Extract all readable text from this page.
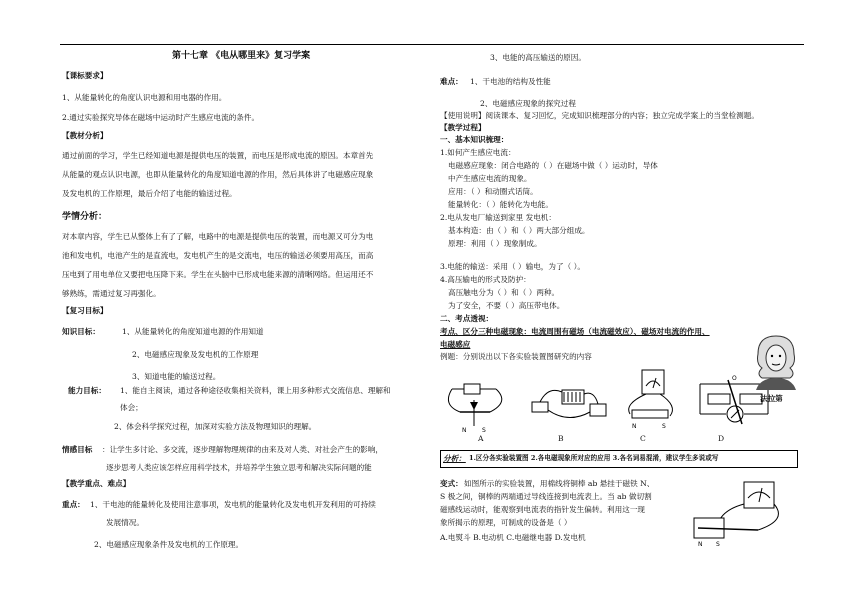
第十七章 《电从哪里来》复习学案
【课标要求】
1、从能量转化的角度认识电源和用电器的作用。
2.通过实验探究导体在磁场中运动时产生感应电流的条件。
【教材分析】
通过前面的学习，学生已经知道电源是提供电压的装置，而电压是形成电流的原因。本章首先
从能量的观点认识电源，也即从能量转化的角度知道电源的作用，然后具体讲了电磁感应现象
及发电机的工作原理，最后介绍了电能的输送过程。
学情分析：
对本章内容，学生已从整体上有了了解，电路中的电源是提供电压的装置，而电源又可分为电
池和发电机，电池产生的是直流电，发电机产生的是交流电，电压的输送必须要用高压，而高
压电到了用电单位又要把电压降下来。学生在头脑中已形成电能来源的清晰网络。但运用还不
够熟练，需通过复习再强化。
【复习目标】
知识目标：	1、从能量转化的角度知道电源的作用知道
2、电磁感应现象及发电机的工作原理
3、知道电能的输送过程。
能力目标： 1、能自主阅读，通过各种途径收集相关资料，课上用多种形式交流信息、理解和
体会；
2、体会科学探究过程，加深对实验方法及物理知识的理解。
情感目标 ：让学生多讨论、多交流，逐步理解物理规律的由来及对人类、对社会产生的影响，
逐步思考人类应该怎样应用科学技术，并培养学生独立思考和解决实际问题的能
【教学重点、难点】
重点： 1、干电池的能量转化及使用注意事项，发电机的能量转化及发电机开发利用的可持续
发展情况。
2、电磁感应现象条件及发电机的工作原理。
3、电能的高压输送的原因。
难点： 1、干电池的结构及性能
2、电磁感应现象的探究过程
【使用说明】阅读课本、复习回忆，完成知识梳理部分的内容；独立完成学案上的当堂检测题。
【教学过程】
一、基本知识梳理：
1.如何产生感应电流：
电磁感应现象：闭合电路的（ ）在磁场中做（ ）运动时，导体
中产生感应电流的现象。
应用：（ ）和动圈式话筒。
能量转化：（ ）能转化为电能。
2.电从发电厂输送到家里 发电机：
基本构造：由（ ）和（ ）两大部分组成。
原理：利用（ ）现象制成。
3.电能的输送：采用（ ）输电，为了（ ）。
4.高压输电的形式及防护：
高压触电分为（ ）和（ ）两种。
为了安全，不要（ ）高压带电体。
二、考点透视：
考点、区分三种电磁现象：电流周围有磁场（电流磁效应）、磁场对电流的作用、
电磁感应
例题：分别说出以下各实验装置图研究的内容
N	S
N	S
O
A	B	C	D
法拉第
分析： 1.区分各实验装置图 2.各电磁现象所对应的应用 3.各名词易混淆，建议学生多说或写
变式： 如图所示的实验装置，用棉线将铜棒 ab 悬挂于磁铁 N、
S 极之间，铜棒的两端通过导线连接到电流表上。当 ab 做切割
磁感线运动时，能观察到电流表的指针发生偏转。利用这一现
象所揭示的原理，可制成的设备是（ ）
A.电熨斗 B.电动机 C.电磁继电器 D.发电机
N S
